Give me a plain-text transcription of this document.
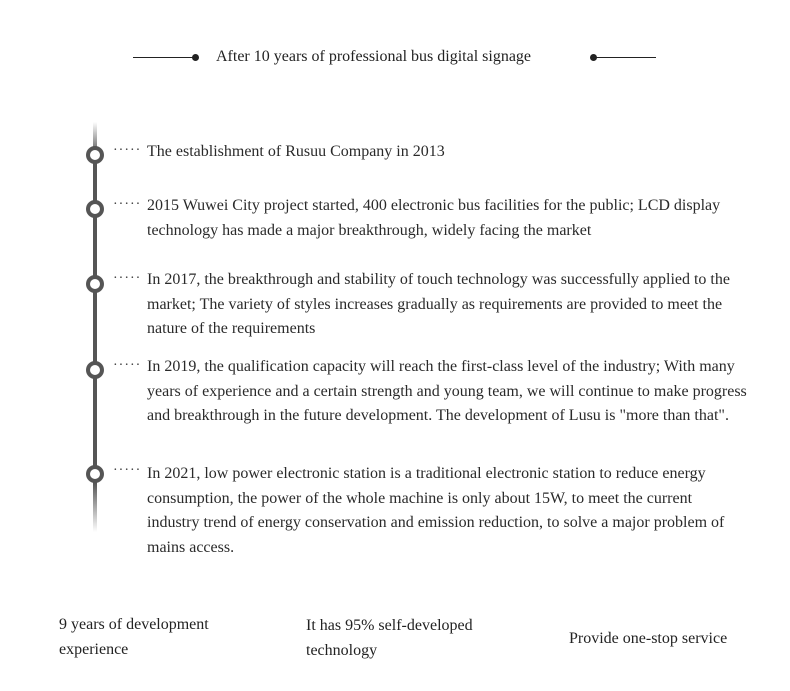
After 10 years of professional bus digital signage
····· The establishment of Rusuu Company in 2013
····· 2015 Wuwei City project started, 400 electronic bus facilities for the public; LCD display technology has made a major breakthrough, widely facing the market
····· In 2017, the breakthrough and stability of touch technology was successfully applied to the market; The variety of styles increases gradually as requirements are provided to meet the nature of the requirements
····· In 2019, the qualification capacity will reach the first-class level of the industry; With many years of experience and a certain strength and young team, we will continue to make progress and breakthrough in the future development. The development of Lusu is "more than that".
····· In 2021, low power electronic station is a traditional electronic station to reduce energy consumption, the power of the whole machine is only about 15W, to meet the current industry trend of energy conservation and emission reduction, to solve a major problem of mains access.
9 years of development experience
It has 95% self-developed technology
Provide one-stop service
